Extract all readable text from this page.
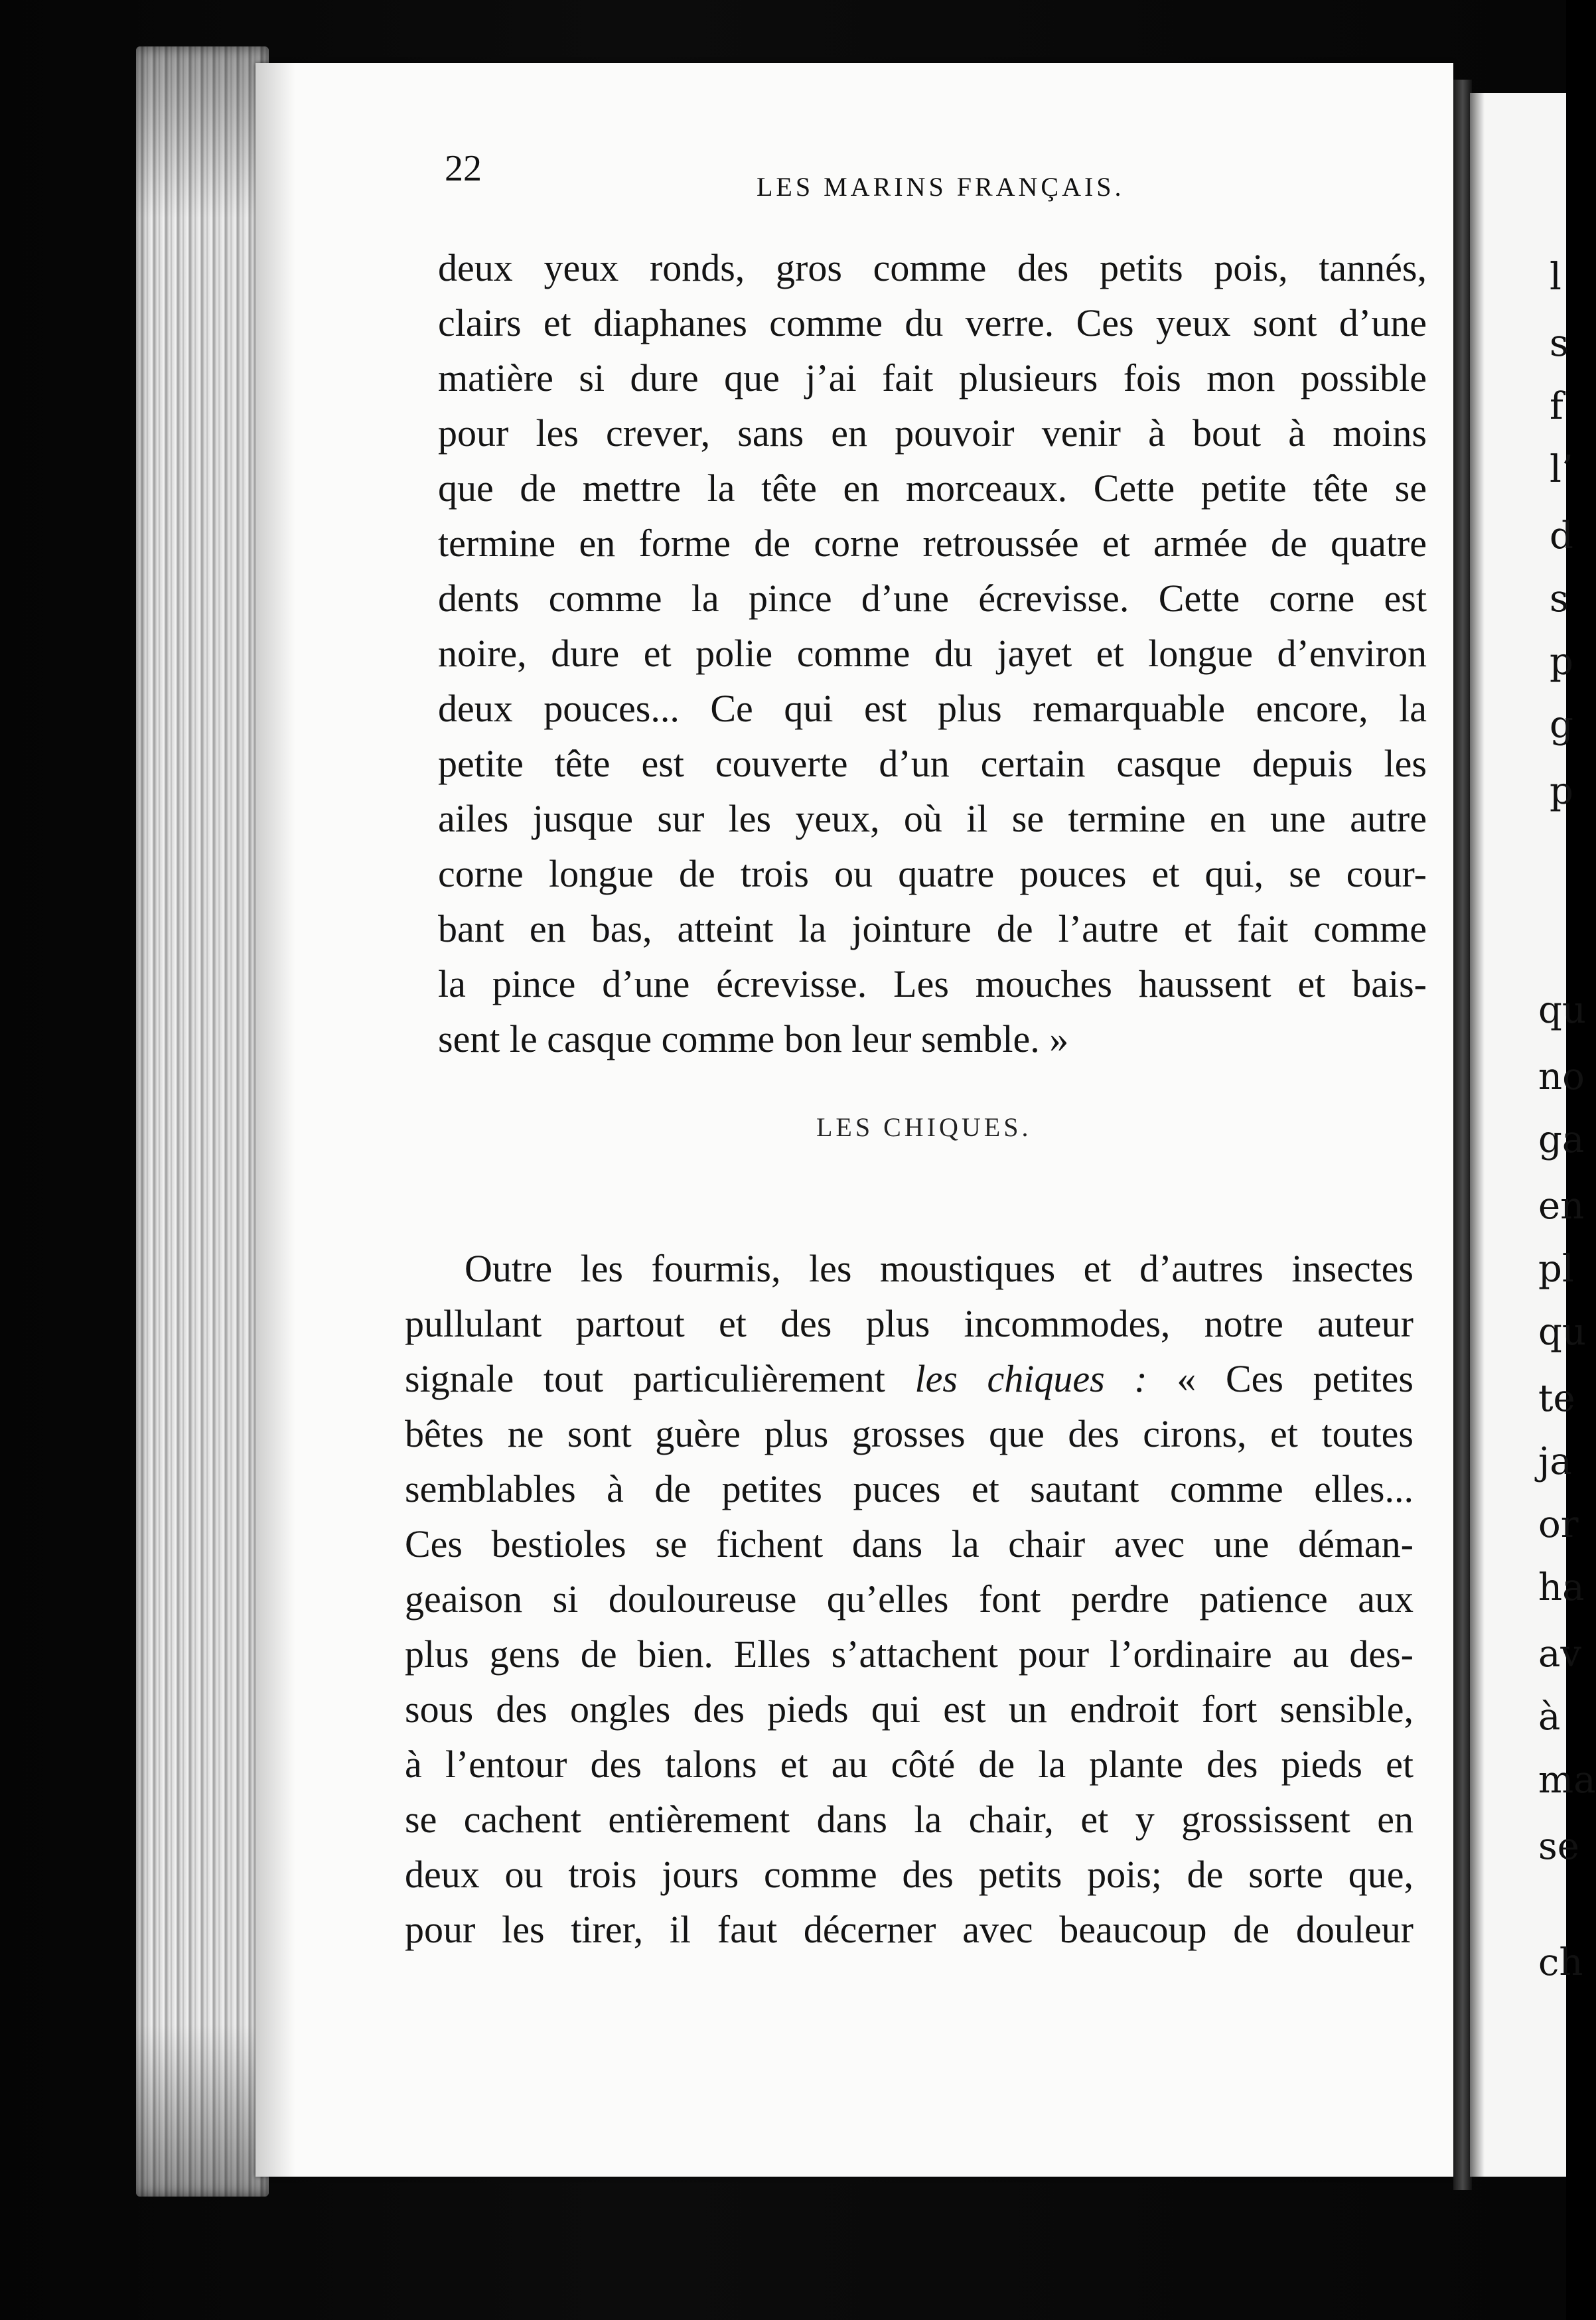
l
s
f
l’
d
s
p
g
p
qu
no
ga
en
pl
qu
te
ja
or
ha
av
à
ma
se
ch
22	LES MARINS FRANÇAIS.
deux yeux ronds, gros comme des petits pois, tannés,
clairs et diaphanes comme du verre. Ces yeux sont d’une
matière si dure que j’ai fait plusieurs fois mon possible
pour les crever, sans en pouvoir venir à bout à moins
que de mettre la tête en morceaux. Cette petite tête se
termine en forme de corne retroussée et armée de quatre
dents comme la pince d’une écrevisse. Cette corne est
noire, dure et polie comme du jayet et longue d’environ
deux pouces... Ce qui est plus remarquable encore, la
petite tête est couverte d’un certain casque depuis les
ailes jusque sur les yeux, où il se termine en une autre
corne longue de trois ou quatre pouces et qui, se cour-
bant en bas, atteint la jointure de l’autre et fait comme
la pince d’une écrevisse. Les mouches haussent et bais-
sent le casque comme bon leur semble. »
LES CHIQUES.
Outre les fourmis, les moustiques et d’autres insectes
pullulant partout et des plus incommodes, notre auteur
signale tout particulièrement les chiques : « Ces petites
bêtes ne sont guère plus grosses que des cirons, et toutes
semblables à de petites puces et sautant comme elles...
Ces bestioles se fichent dans la chair avec une déman-
geaison si douloureuse qu’elles font perdre patience aux
plus gens de bien. Elles s’attachent pour l’ordinaire au des-
sous des ongles des pieds qui est un endroit fort sensible,
à l’entour des talons et au côté de la plante des pieds et
se cachent entièrement dans la chair, et y grossissent en
deux ou trois jours comme des petits pois; de sorte que,
pour les tirer, il faut décerner avec beaucoup de douleur
